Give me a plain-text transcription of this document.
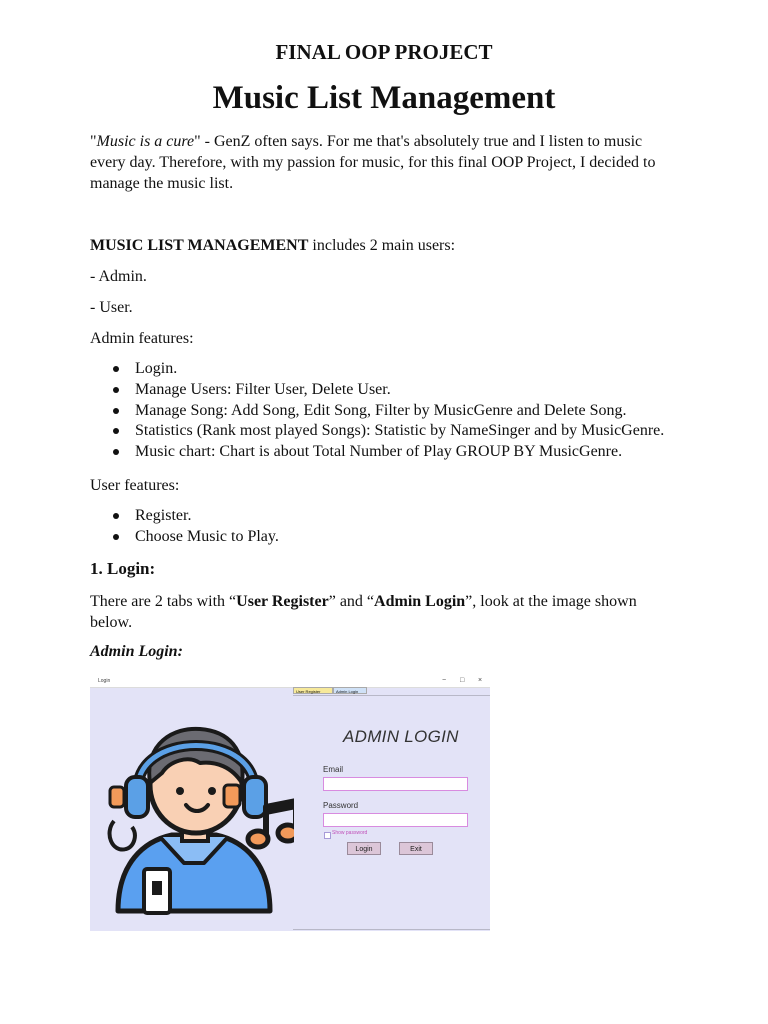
FINAL OOP PROJECT
Music List Management
"Music is a cure" - GenZ often says. For me that's absolutely true and I listen to music
every day. Therefore, with my passion for music, for this final OOP Project, I decided to
manage the music list.
MUSIC LIST MANAGEMENT includes 2 main users:
- Admin.
- User.
Admin features:
Login.
Manage Users: Filter User, Delete User.
Manage Song: Add Song, Edit Song, Filter by MusicGenre and Delete Song.
Statistics (Rank most played Songs): Statistic by NameSinger and by MusicGenre.
Music chart: Chart is about Total Number of Play GROUP BY MusicGenre.
User features:
Register.
Choose Music to Play.
1. Login:
There are 2 tabs with “User Register” and “Admin Login”, look at the image shown
below.
Admin Login:
Login	− □ ×
User Register	Admin Login
ADMIN LOGIN
Email
Password
Show password
Login	Exit
